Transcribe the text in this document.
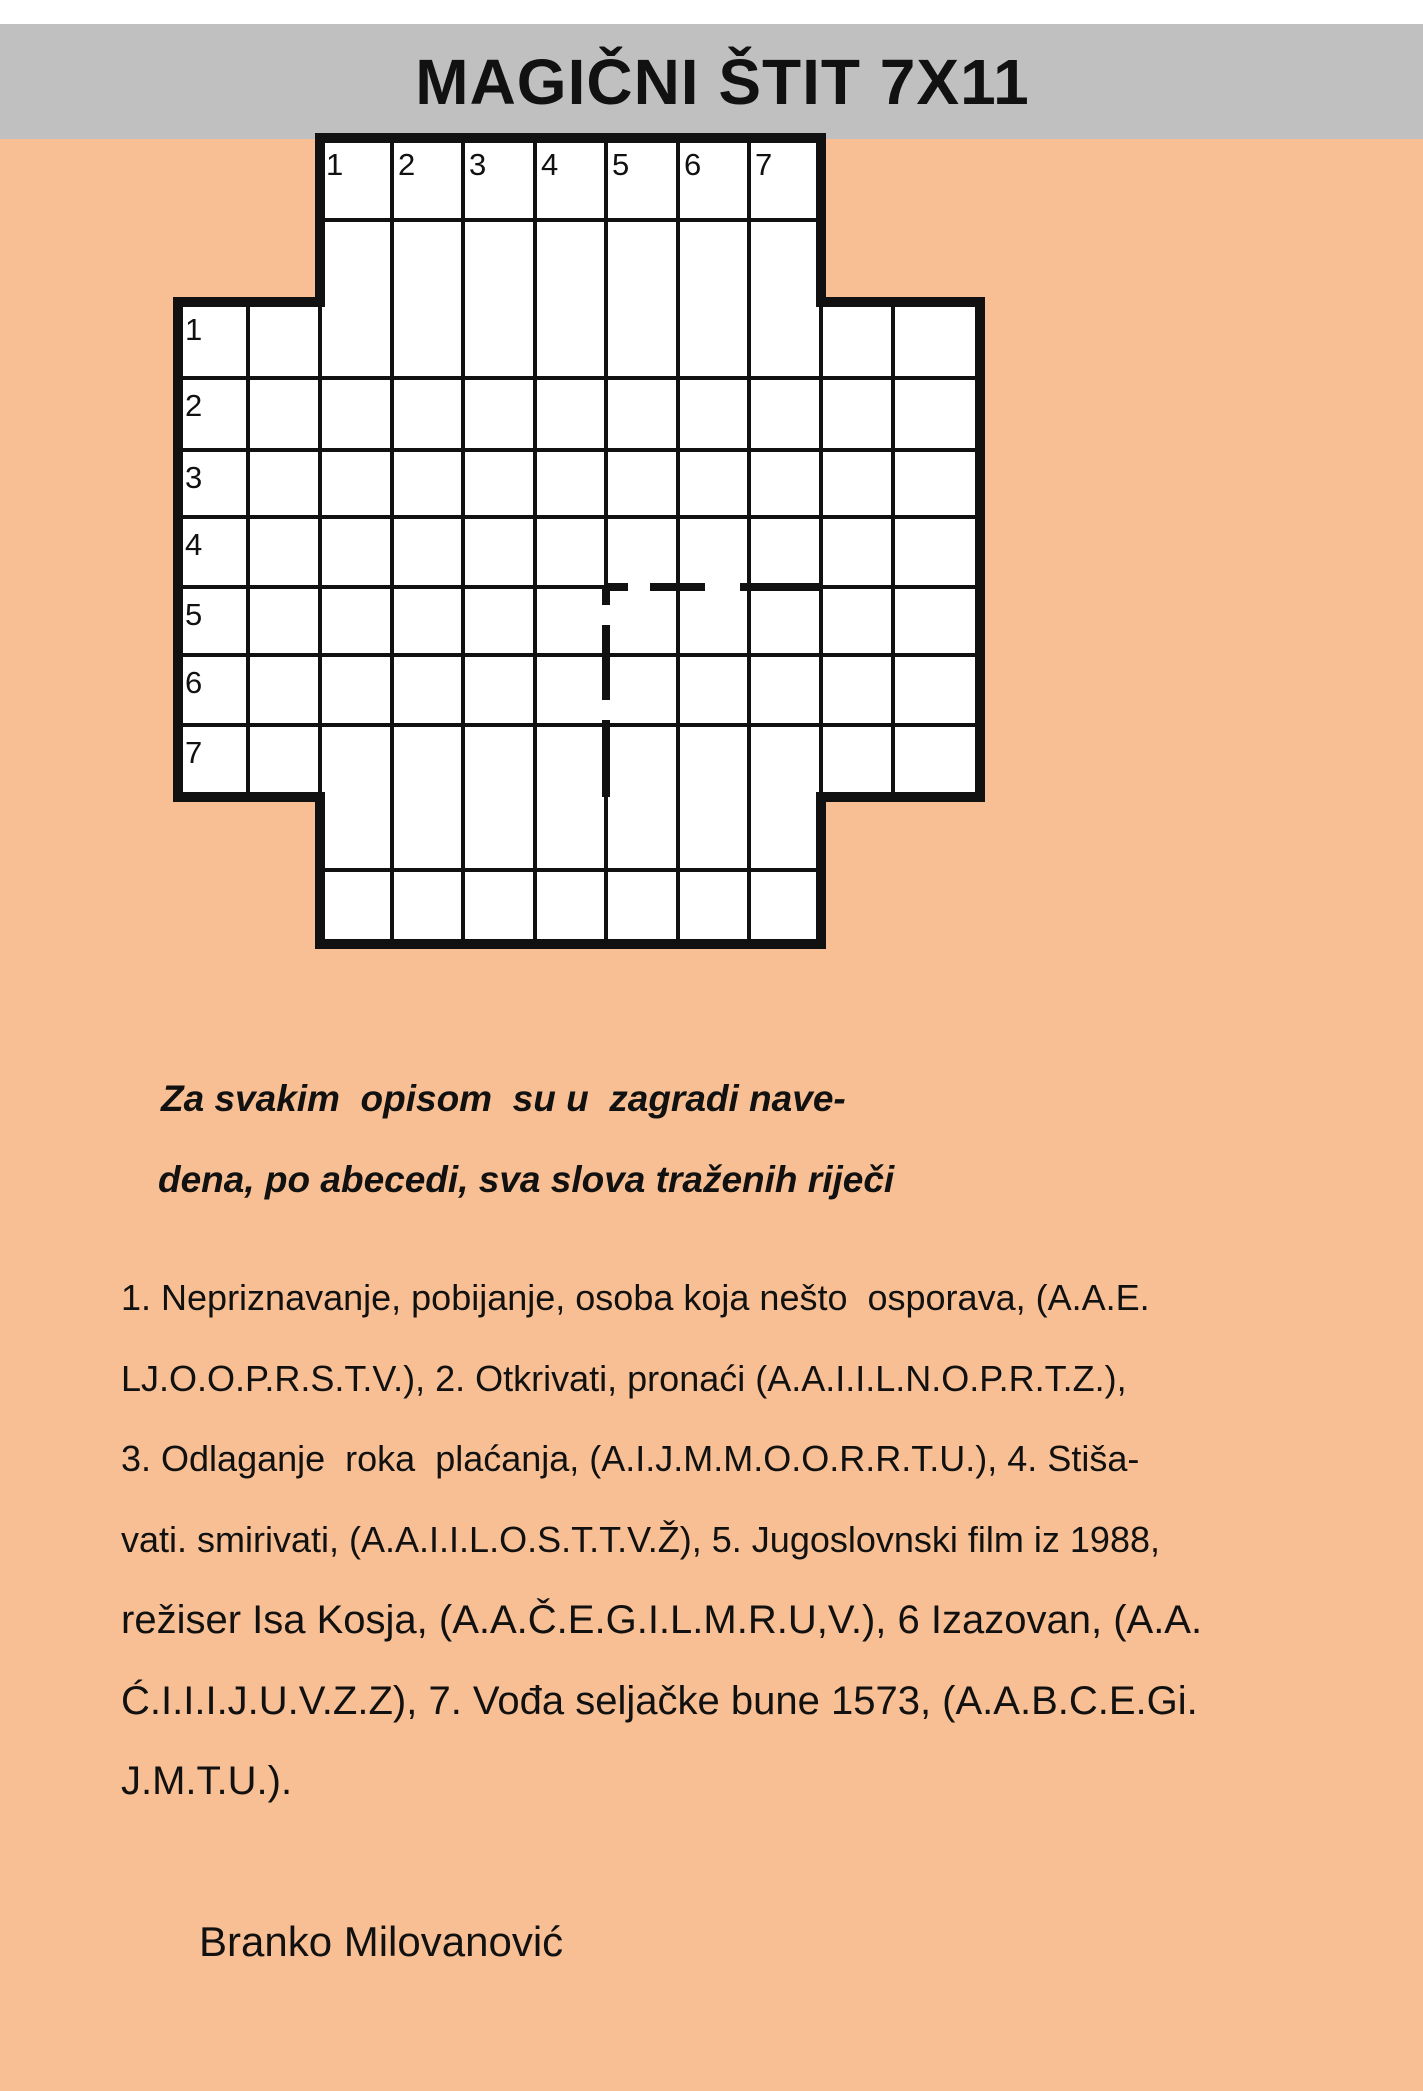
MAGIČNI ŠTIT 7X11
1 2 3 4 5 6 7
1
2
3
4
5
6
7
Za svakim  opisom  su u  zagradi nave-
dena, po abecedi, sva slova traženih riječi
1. Nepriznavanje, pobijanje, osoba koja nešto  osporava, (A.A.E.
LJ.O.O.P.R.S.T.V.), 2. Otkrivati, pronaći (A.A.I.I.L.N.O.P.R.T.Z.),
3. Odlaganje  roka  plaćanja, (A.I.J.M.M.O.O.R.R.T.U.), 4. Stiša-
vati. smirivati, (A.A.I.I.L.O.S.T.T.V.Ž), 5. Jugoslovnski film iz 1988,
režiser Isa Kosja, (A.A.Č.E.G.I.L.M.R.U,V.), 6 Izazovan, (A.A.
Ć.I.I.I.J.U.V.Z.Z), 7. Vođa seljačke bune 1573, (A.A.B.C.E.Gi.
J.M.T.U.).
Branko Milovanović
